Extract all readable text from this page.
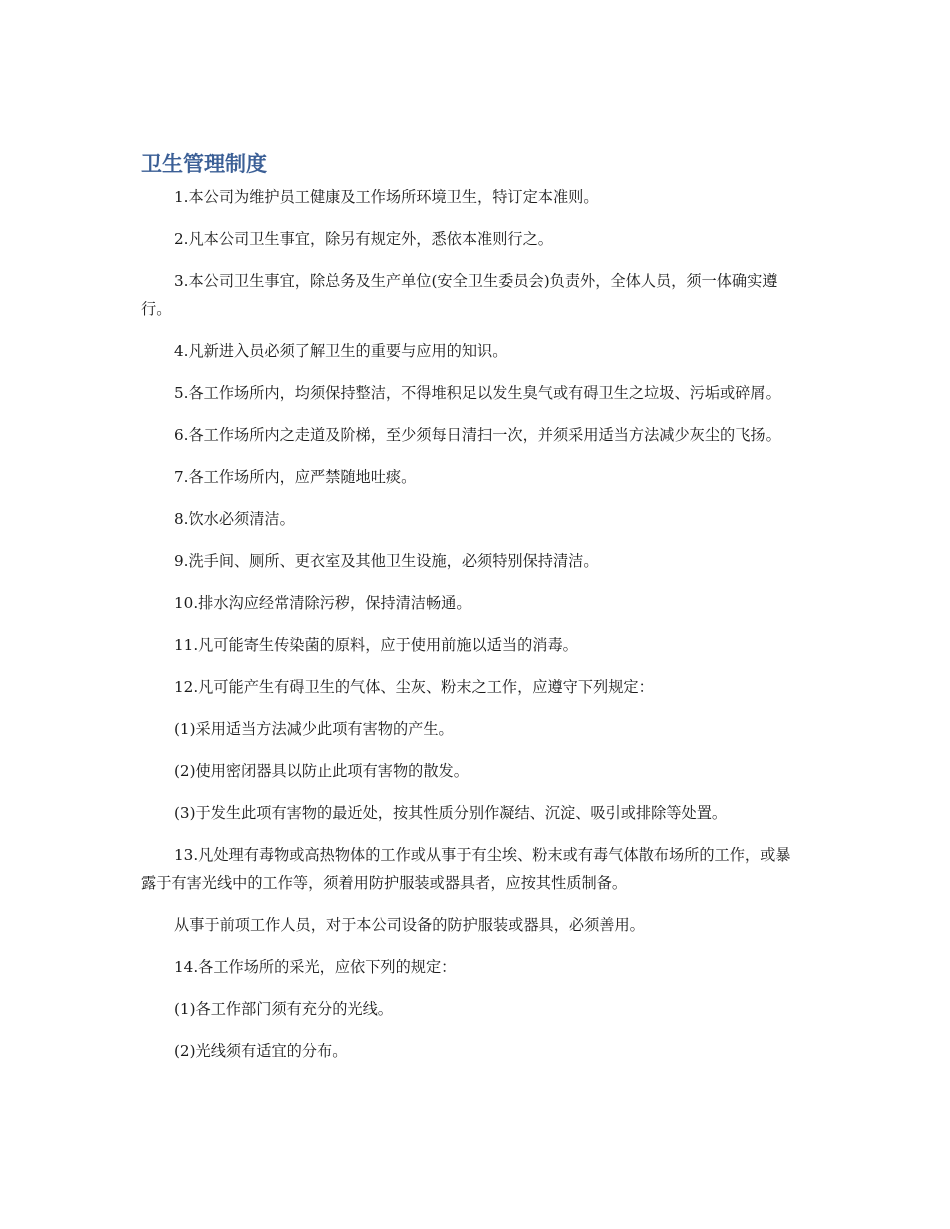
卫生管理制度

1.本公司为维护员工健康及工作场所环境卫生，特订定本准则。

2.凡本公司卫生事宜，除另有规定外，悉依本准则行之。

3.本公司卫生事宜，除总务及生产单位(安全卫生委员会)负责外，全体人员，须一体确实遵行。

4.凡新进入员必须了解卫生的重要与应用的知识。

5.各工作场所内，均须保持整洁，不得堆积足以发生臭气或有碍卫生之垃圾、污垢或碎屑。

6.各工作场所内之走道及阶梯，至少须每日清扫一次，并须采用适当方法减少灰尘的飞扬。

7.各工作场所内，应严禁随地吐痰。

8.饮水必须清洁。

9.洗手间、厕所、更衣室及其他卫生设施，必须特别保持清洁。

10.排水沟应经常清除污秽，保持清洁畅通。

11.凡可能寄生传染菌的原料，应于使用前施以适当的消毒。

12.凡可能产生有碍卫生的气体、尘灰、粉末之工作，应遵守下列规定：

(1)采用适当方法减少此项有害物的产生。

(2)使用密闭器具以防止此项有害物的散发。

(3)于发生此项有害物的最近处，按其性质分别作凝结、沉淀、吸引或排除等处置。

13.凡处理有毒物或高热物体的工作或从事于有尘埃、粉末或有毒气体散布场所的工作，或暴露于有害光线中的工作等，须着用防护服装或器具者，应按其性质制备。

从事于前项工作人员，对于本公司设备的防护服装或器具，必须善用。

14.各工作场所的采光，应依下列的规定：

(1)各工作部门须有充分的光线。

(2)光线须有适宜的分布。
